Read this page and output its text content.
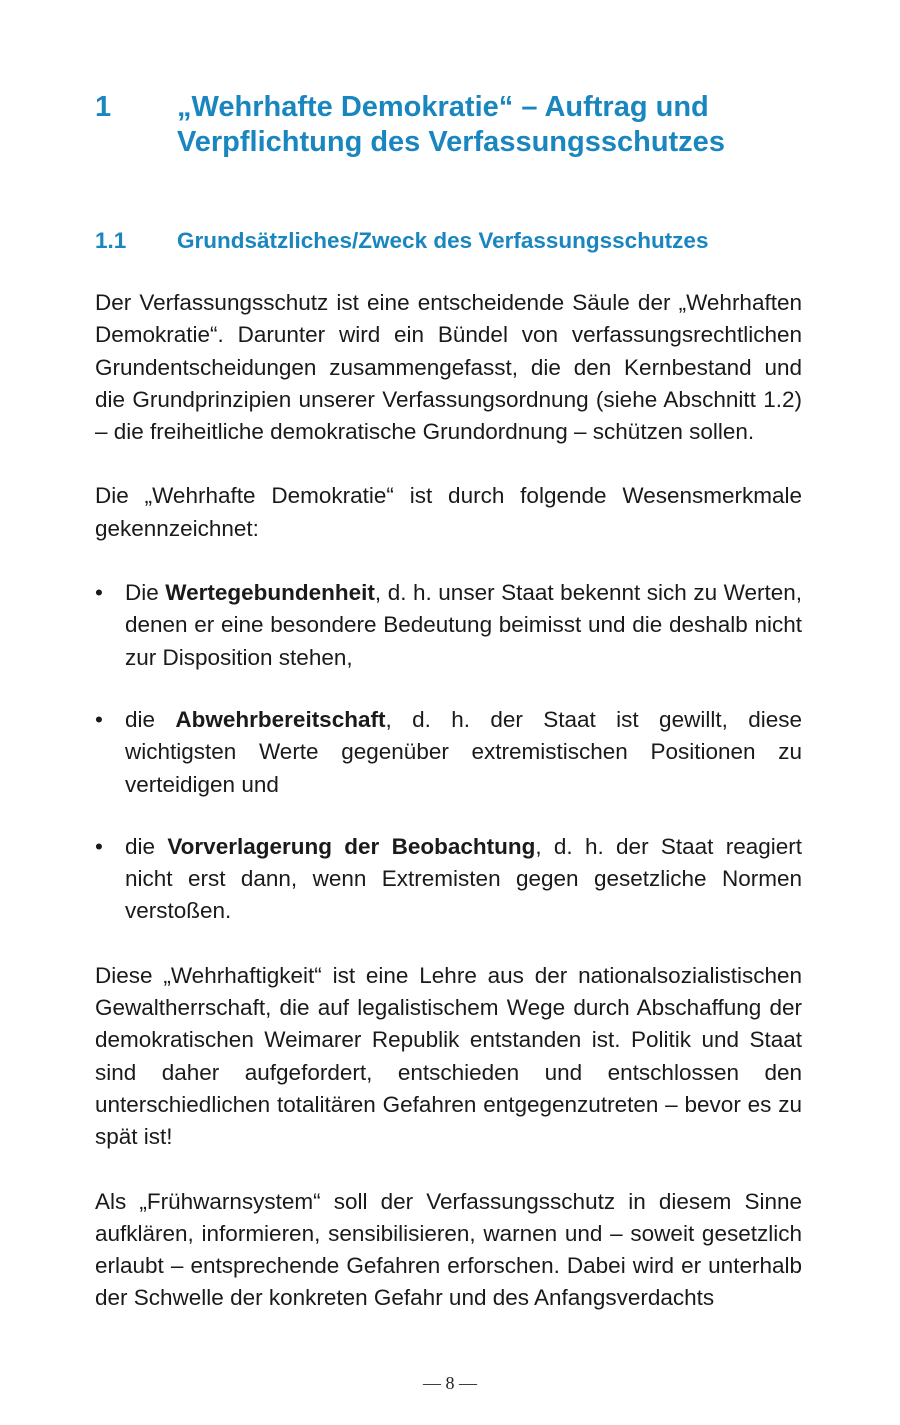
1 „Wehrhafte Demokratie“ – Auftrag und Verpflichtung des Verfassungsschutzes
1.1 Grundsätzliches/Zweck des Verfassungsschutzes

Der Verfassungsschutz ist eine entscheidende Säule der „Wehrhaften Demokratie“. Darunter wird ein Bündel von verfassungsrechtlichen Grundentscheidungen zusammengefasst, die den Kernbestand und die Grundprinzipien unserer Verfassungsordnung (siehe Abschnitt 1.2) – die freiheitliche demokratische Grundordnung – schützen sollen.

Die „Wehrhafte Demokratie“ ist durch folgende Wesensmerkmale gekennzeichnet:

• Die Wertegebundenheit, d. h. unser Staat bekennt sich zu Werten, denen er eine besondere Bedeutung beimisst und die deshalb nicht zur Disposition stehen,
• die Abwehrbereitschaft, d. h. der Staat ist gewillt, diese wichtigsten Werte gegenüber extremistischen Positionen zu verteidigen und
• die Vorverlagerung der Beobachtung, d. h. der Staat reagiert nicht erst dann, wenn Extremisten gegen gesetzliche Normen verstoßen.

Diese „Wehrhaftigkeit“ ist eine Lehre aus der nationalsozialistischen Gewaltherrschaft, die auf legalistischem Wege durch Abschaffung der demokratischen Weimarer Republik entstanden ist. Politik und Staat sind daher aufgefordert, entschieden und entschlossen den unterschiedlichen totalitären Gefahren entgegenzutreten – bevor es zu spät ist!

Als „Frühwarnsystem“ soll der Verfassungsschutz in diesem Sinne aufklären, informieren, sensibilisieren, warnen und – soweit gesetzlich erlaubt – entsprechende Gefahren erforschen. Dabei wird er unterhalb der Schwelle der konkreten Gefahr und des Anfangsverdachts

— 8 —
